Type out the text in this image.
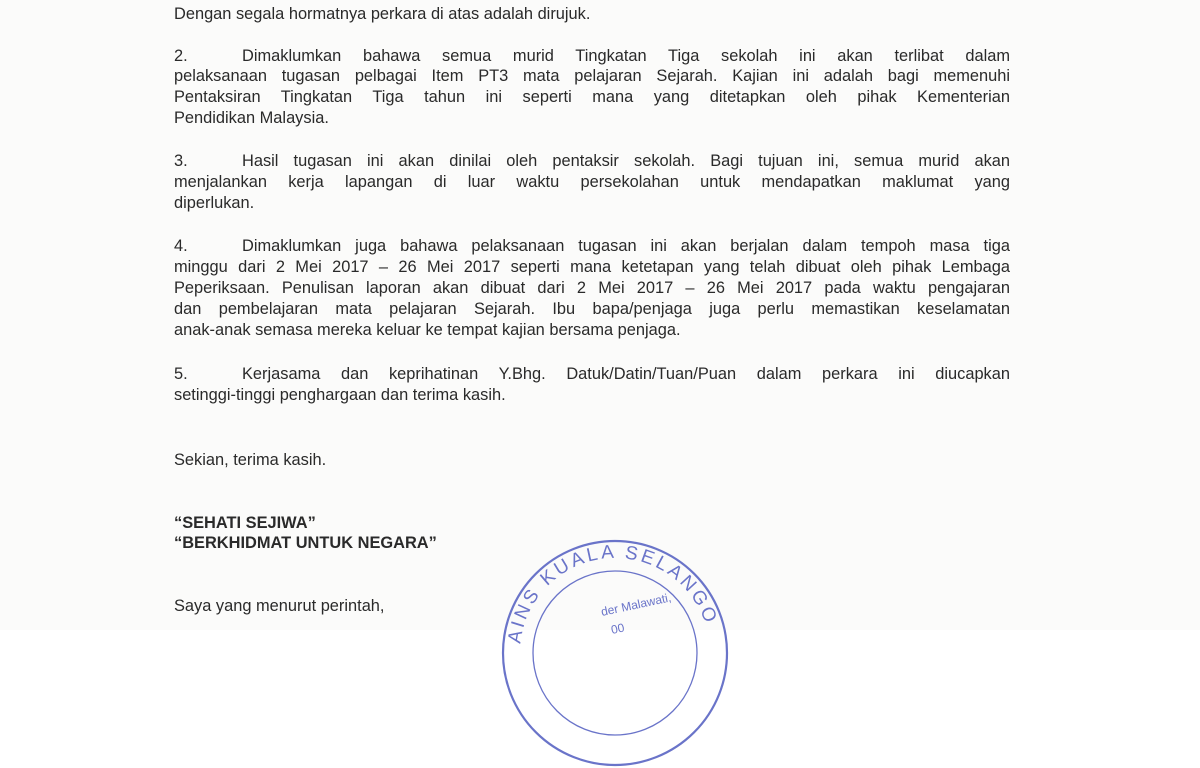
Dengan segala hormatnya perkara di atas adalah dirujuk.
2.	Dimaklumkan bahawa semua murid Tingkatan Tiga sekolah ini akan terlibat dalam
pelaksanaan tugasan pelbagai Item PT3 mata pelajaran Sejarah. Kajian ini adalah bagi memenuhi
Pentaksiran Tingkatan Tiga tahun ini seperti mana yang ditetapkan oleh pihak Kementerian
Pendidikan Malaysia.
3.	Hasil tugasan ini akan dinilai oleh pentaksir sekolah. Bagi tujuan ini, semua murid akan
menjalankan kerja lapangan di luar waktu persekolahan untuk mendapatkan maklumat yang
diperlukan.
4.	Dimaklumkan juga bahawa pelaksanaan tugasan ini akan berjalan dalam tempoh masa tiga
minggu dari 2 Mei 2017 – 26 Mei 2017 seperti mana ketetapan yang telah dibuat oleh pihak Lembaga
Peperiksaan. Penulisan laporan akan dibuat dari 2 Mei 2017 – 26 Mei 2017 pada waktu pengajaran
dan pembelajaran mata pelajaran Sejarah. Ibu bapa/penjaga juga perlu memastikan keselamatan
anak-anak semasa mereka keluar ke tempat kajian bersama penjaga.
5.	Kerjasama dan keprihatinan Y.Bhg. Datuk/Datin/Tuan/Puan dalam perkara ini diucapkan
setinggi-tinggi penghargaan dan terima kasih.
Sekian, terima kasih.
“SEHATI SEJIWA”
“BERKHIDMAT UNTUK NEGARA”
Saya yang menurut perintah,
AINS KUALA SELANGO
der Malawati,
00
